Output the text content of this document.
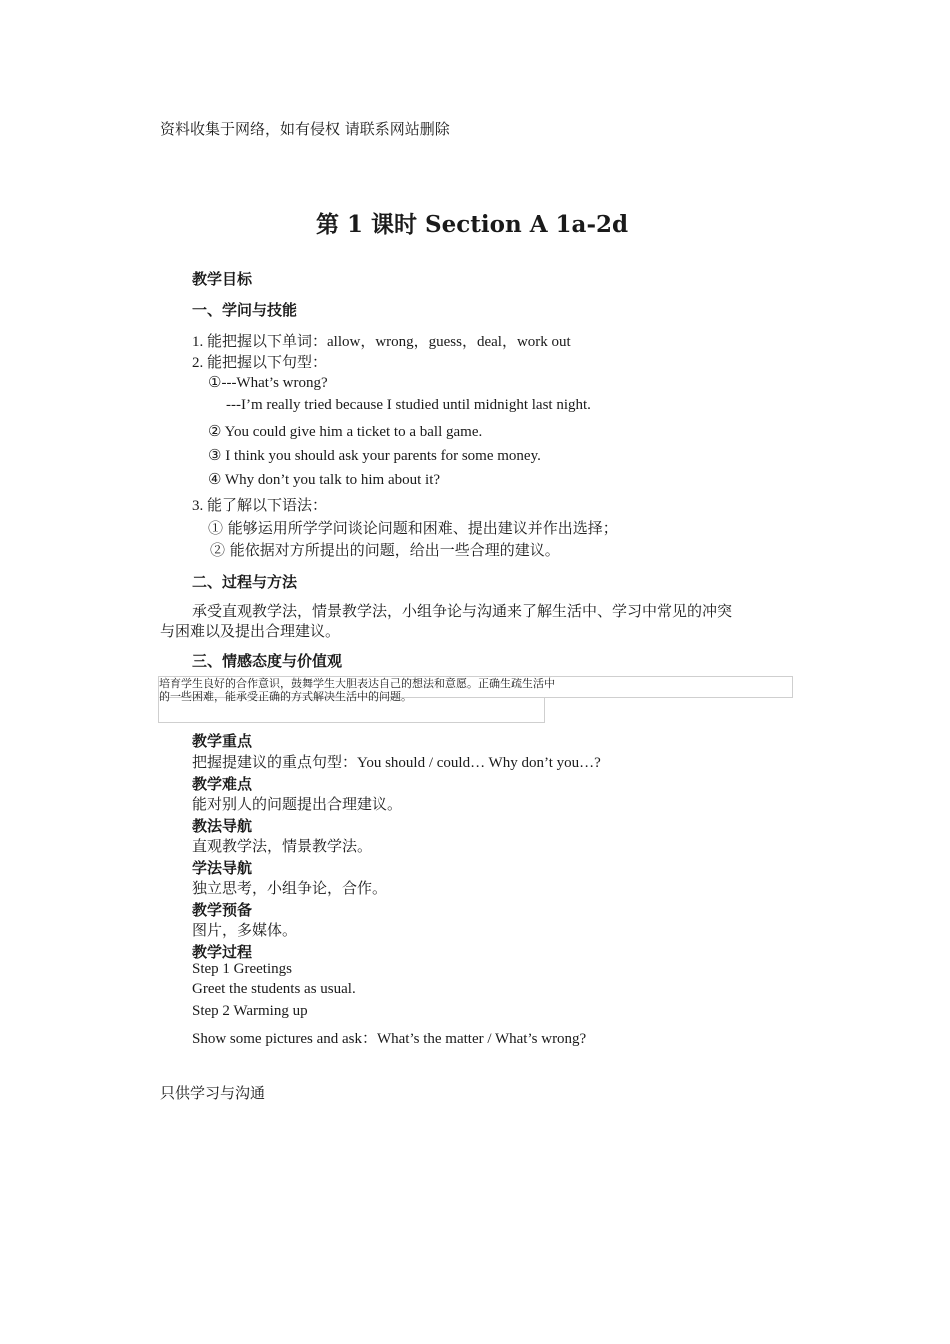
资料收集于网络，如有侵权 请联系网站删除
第 1 课时 Section A 1a-2d
教学目标
一、学问与技能
1. 能把握以下单词：allow，wrong，guess，deal，work out
2. 能把握以下句型：
①---What’s wrong?
---I’m really tried because I studied until midnight last night.
② You could give him a ticket to a ball game.
③ I think you should ask your parents for some money.
④ Why don’t you talk to him about it?
3. 能了解以下语法：
① 能够运用所学学问谈论问题和困难、提出建议并作出选择；
② 能依据对方所提出的问题，给出一些合理的建议。
二、过程与方法
承受直观教学法，情景教学法，小组争论与沟通来了解生活中、学习中常见的冲突
与困难以及提出合理建议。
三、情感态度与价值观
培育学生良好的合作意识，鼓舞学生大胆表达自己的想法和意愿。正确生疏生活中
的一些困难，能承受正确的方式解决生活中的问题。
教学重点
把握提建议的重点句型：You should / could… Why don’t you…?
教学难点
能对别人的问题提出合理建议。
教法导航
直观教学法，情景教学法。
学法导航
独立思考，小组争论，合作。
教学预备
图片，多媒体。
教学过程
Step 1 Greetings
Greet the students as usual.
Step 2 Warming up
Show some pictures and ask：What’s the matter / What’s wrong?
只供学习与沟通
